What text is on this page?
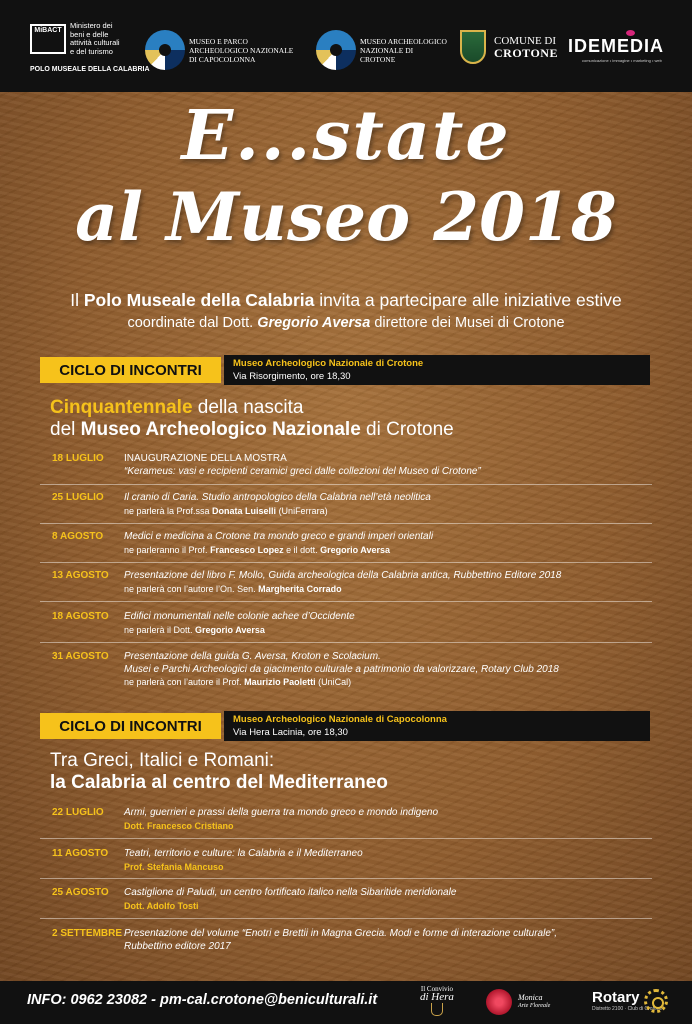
MiBACT
Ministero dei beni e delle attività culturali e del turismo
POLO MUSEALE DELLA CALABRIA
MUSEO E PARCO ARCHEOLOGICO NAZIONALE DI CAPOCOLONNA
MUSEO ARCHEOLOGICO NAZIONALE DI CROTONE
COMUNE DI
CROTONE IDEMEDIA
comunicazione • immagine • marketing • web
E...state
al Museo 2018
Il Polo Museale della Calabria invita a partecipare alle iniziative estive
coordinate dal Dott. Gregorio Aversa direttore dei Musei di Crotone
CICLO DI INCONTRI	Museo Archeologico Nazionale di Crotone
Via Risorgimento, ore 18,30
Cinquantennale della nascita
del Museo Archeologico Nazionale di Crotone
18 LUGLIO INAUGURAZIONE DELLA MOSTRA
“Kerameus: vasi e recipienti ceramici greci dalle collezioni del Museo di Crotone”
25 LUGLIO Il cranio di Caria. Studio antropologico della Calabria nell’età neolitica
ne parlerà la Prof.ssa Donata Luiselli (UniFerrara)
8 AGOSTO Medici e medicina a Crotone tra mondo greco e grandi imperi orientali
ne parleranno il Prof. Francesco Lopez e il dott. Gregorio Aversa
13 AGOSTO Presentazione del libro F. Mollo, Guida archeologica della Calabria antica, Rubbettino Editore 2018
ne parlerà con l’autore l’On. Sen. Margherita Corrado
18 AGOSTO Edifici monumentali nelle colonie achee d’Occidente
ne parlerà il Dott. Gregorio Aversa
31 AGOSTO Presentazione della guida G. Aversa, Kroton e Scolacium.
Musei e Parchi Archeologici da giacimento culturale a patrimonio da valorizzare, Rotary Club 2018
ne parlerà con l’autore il Prof. Maurizio Paoletti (UniCal)
CICLO DI INCONTRI	Museo Archeologico Nazionale di Capocolonna
Via Hera Lacinia, ore 18,30
Tra Greci, Italici e Romani:
la Calabria al centro del Mediterraneo
22 LUGLIO Armi, guerrieri e prassi della guerra tra mondo greco e mondo indigeno
Dott. Francesco Cristiano
11 AGOSTO Teatri, territorio e culture: la Calabria e il Mediterraneo
Prof. Stefania Mancuso
25 AGOSTO Castiglione di Paludi, un centro fortificato italico nella Sibaritide meridionale
Dott. Adolfo Tosti
2 SETTEMBRE Presentazione del volume “Enotri e Brettii in Magna Grecia. Modi e forme di interazione culturale”,
Rubbettino editore 2017
INFO: 0962 23082 - pm-cal.crotone@beniculturali.it
Il Convivio
di Hera	Monica
Arte Floreale	Rotary
Distretto 2100 · Club di Crotone
